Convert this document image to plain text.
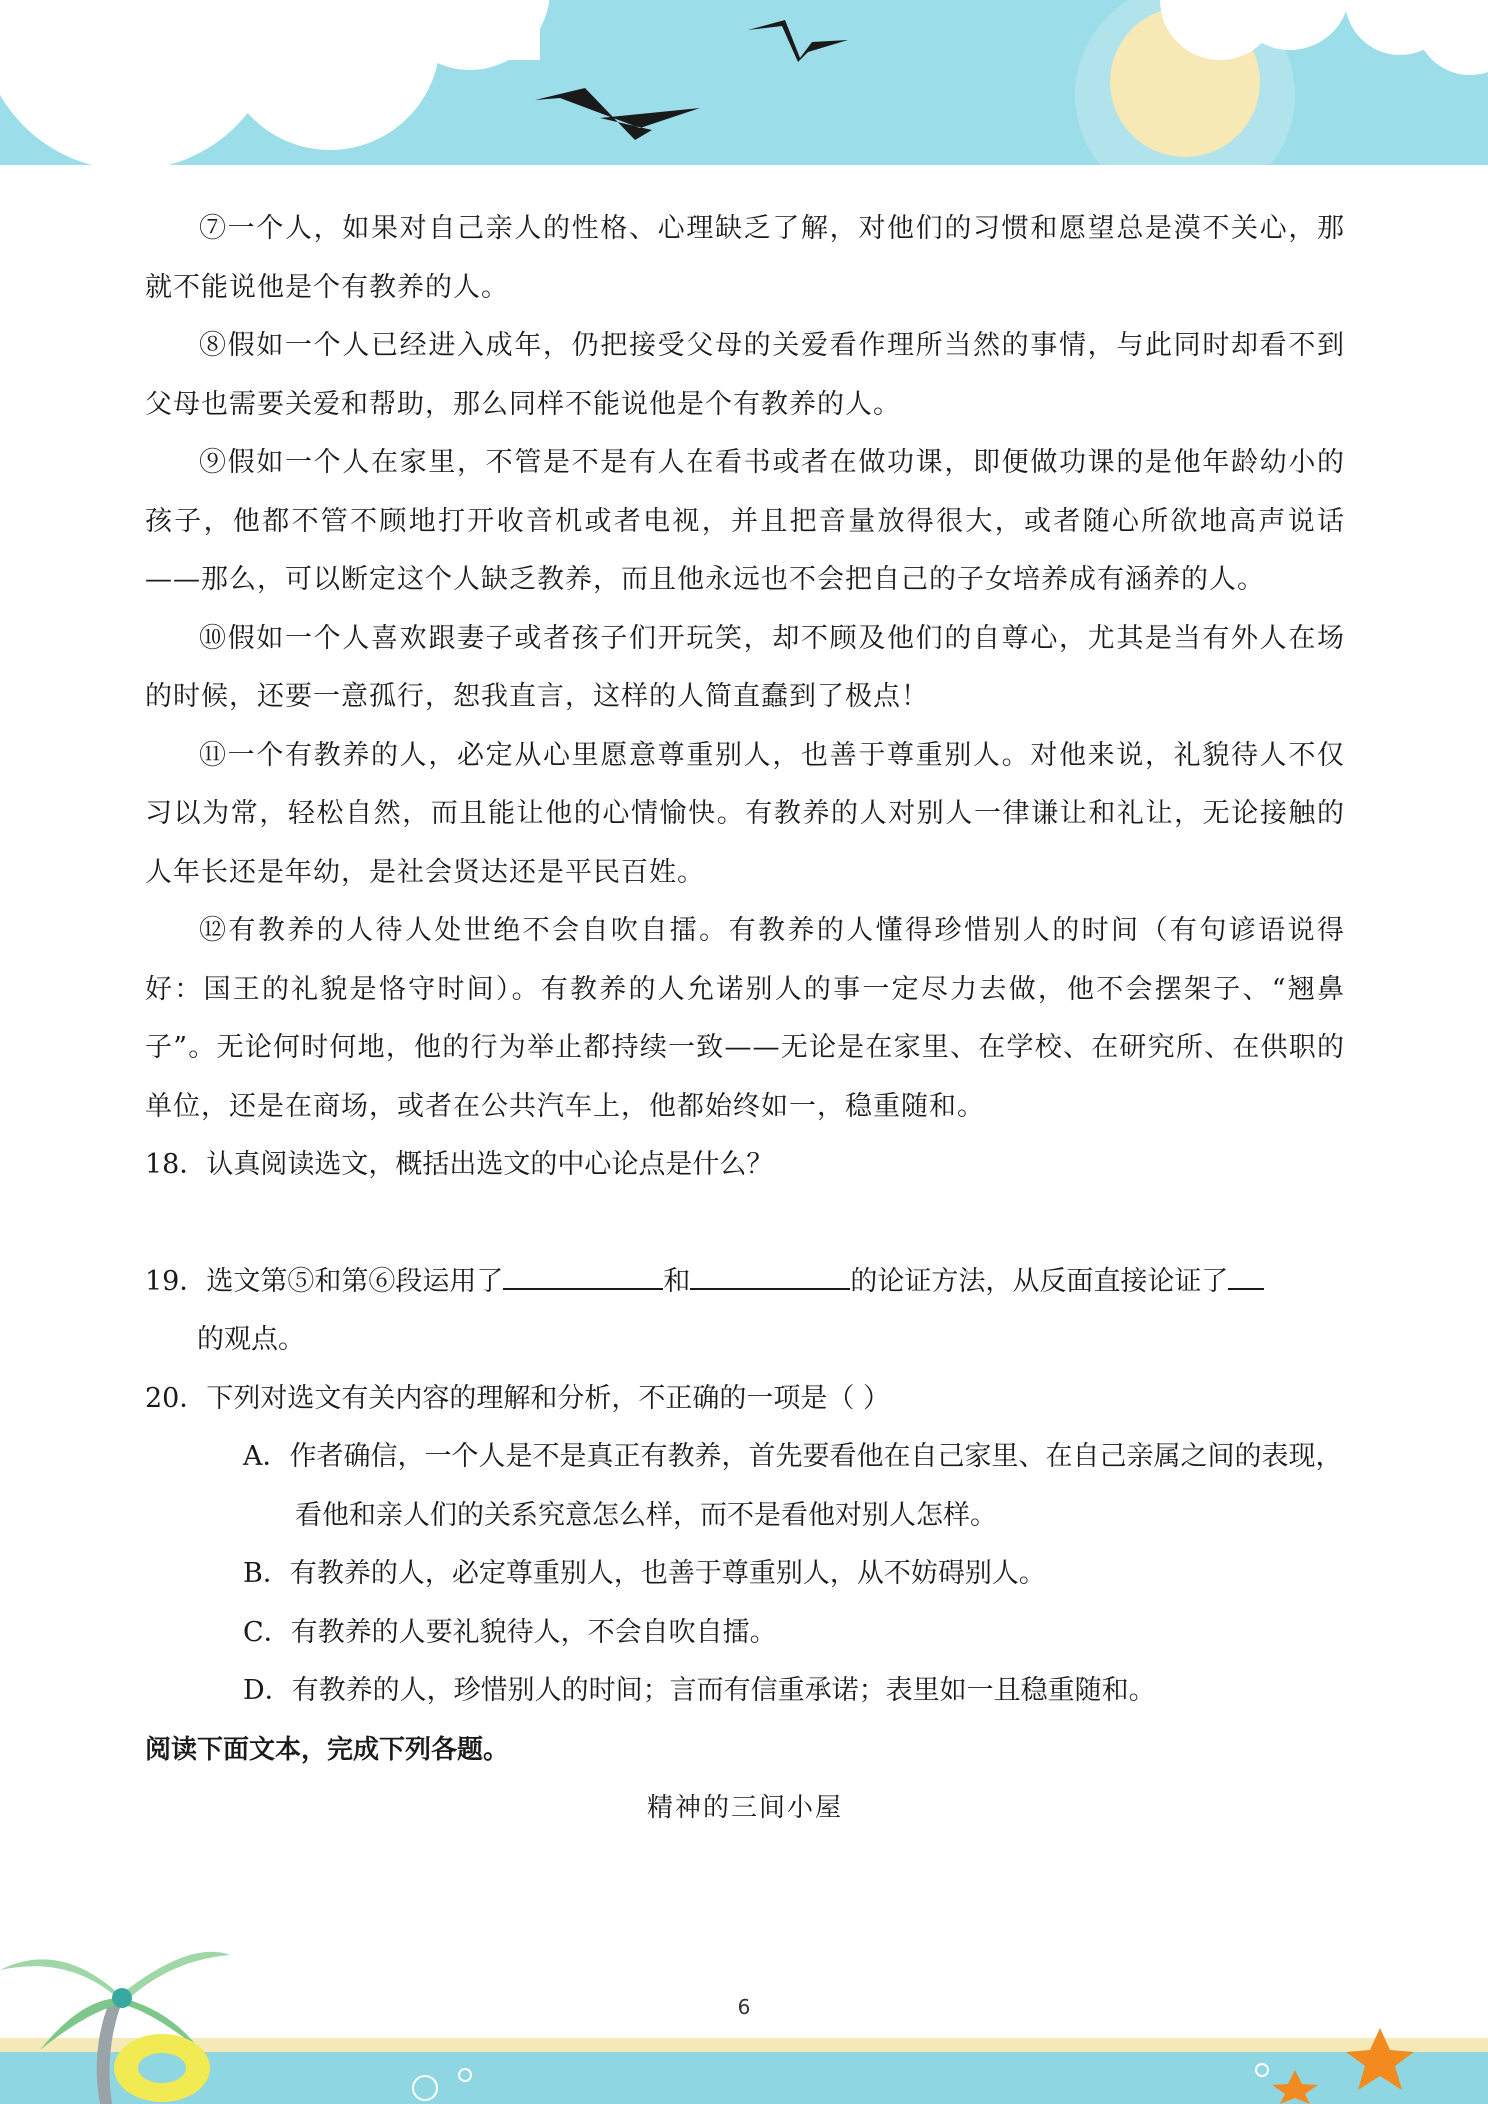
⑦一个人，如果对自己亲人的性格、心理缺乏了解，对他们的习惯和愿望总是漠不关心，那就不能说他是个有教养的人。

⑧假如一个人已经进入成年，仍把接受父母的关爱看作理所当然的事情，与此同时却看不到父母也需要关爱和帮助，那么同样不能说他是个有教养的人。

⑨假如一个人在家里，不管是不是有人在看书或者在做功课，即便做功课的是他年龄幼小的孩子，他都不管不顾地打开收音机或者电视，并且把音量放得很大，或者随心所欲地高声说话——那么，可以断定这个人缺乏教养，而且他永远也不会把自己的子女培养成有涵养的人。

⑩假如一个人喜欢跟妻子或者孩子们开玩笑，却不顾及他们的自尊心，尤其是当有外人在场的时候，还要一意孤行，恕我直言，这样的人简直蠢到了极点！

⑪一个有教养的人，必定从心里愿意尊重别人，也善于尊重别人。对他来说，礼貌待人不仅习以为常，轻松自然，而且能让他的心情愉快。有教养的人对别人一律谦让和礼让，无论接触的人年长还是年幼，是社会贤达还是平民百姓。

⑫有教养的人待人处世绝不会自吹自擂。有教养的人懂得珍惜别人的时间（有句谚语说得好：国王的礼貌是恪守时间）。有教养的人允诺别人的事一定尽力去做，他不会摆架子、“翘鼻子”。无论何时何地，他的行为举止都持续一致——无论是在家里、在学校、在研究所、在供职的单位，还是在商场，或者在公共汽车上，他都始终如一，稳重随和。

18．认真阅读选文，概括出选文的中心论点是什么？

19．选文第⑤和第⑥段运用了	和	的论证方法，从反面直接论证了
的观点。

20．下列对选文有关内容的理解和分析，不正确的一项是（ ）

A．作者确信，一个人是不是真正有教养，首先要看他在自己家里、在自己亲属之间的表现，看他和亲人们的关系究意怎么样，而不是看他对别人怎样。

B．有教养的人，必定尊重别人，也善于尊重别人，从不妨碍别人。

C．有教养的人要礼貌待人，不会自吹自擂。

D．有教养的人，珍惜别人的时间；言而有信重承诺；表里如一且稳重随和。

阅读下面文本，完成下列各题。

精神的三间小屋

6
